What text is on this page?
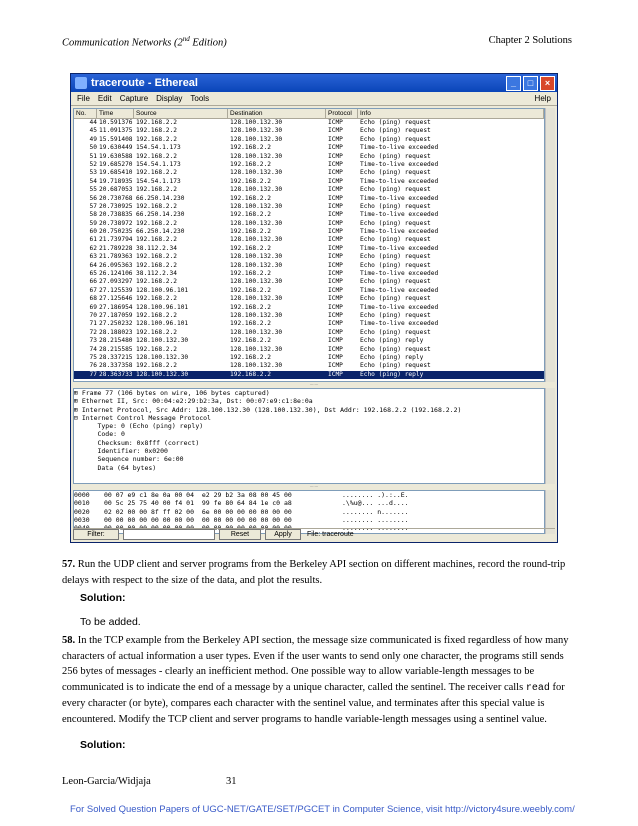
Communication Networks (2nd Edition)	Chapter 2 Solutions
traceroute - Ethereal	_	□	×
File Edit Capture Display Tools	Help
No.	Time	Source	Destination	Protocol	Info
44 10.591376 192.168.2.2	128.100.132.30	ICMP	Echo (ping) request
45 11.091375 192.168.2.2	128.100.132.30	ICMP	Echo (ping) request
49 15.591408 192.168.2.2	128.100.132.30	ICMP	Echo (ping) request
50 19.630449 154.54.1.173	192.168.2.2	ICMP	Time-to-live exceeded
51 19.630588 192.168.2.2	128.100.132.30	ICMP	Echo (ping) request
52 19.685270 154.54.1.173	192.168.2.2	ICMP	Time-to-live exceeded
53 19.685410 192.168.2.2	128.100.132.30	ICMP	Echo (ping) request
54 19.718935 154.54.1.173	192.168.2.2	ICMP	Time-to-live exceeded
55 20.687053 192.168.2.2	128.100.132.30	ICMP	Echo (ping) request
56 20.730768 66.250.14.230	192.168.2.2	ICMP	Time-to-live exceeded
57 20.730925 192.168.2.2	128.100.132.30	ICMP	Echo (ping) request
58 20.738835 66.250.14.230	192.168.2.2	ICMP	Time-to-live exceeded
59 20.738972 192.168.2.2	128.100.132.30	ICMP	Echo (ping) request
60 20.750235 66.250.14.230	192.168.2.2	ICMP	Time-to-live exceeded
61 21.739794 192.168.2.2	128.100.132.30	ICMP	Echo (ping) request
62 21.789228 38.112.2.34	192.168.2.2	ICMP	Time-to-live exceeded
63 21.789363 192.168.2.2	128.100.132.30	ICMP	Echo (ping) request
64 26.095363 192.168.2.2	128.100.132.30	ICMP	Echo (ping) request
65 26.124106 38.112.2.34	192.168.2.2	ICMP	Time-to-live exceeded
66 27.093297 192.168.2.2	128.100.132.30	ICMP	Echo (ping) request
67 27.125539 128.100.96.101	192.168.2.2	ICMP	Time-to-live exceeded
68 27.125646 192.168.2.2	128.100.132.30	ICMP	Echo (ping) request
69 27.186954 128.100.96.101	192.168.2.2	ICMP	Time-to-live exceeded
70 27.187059 192.168.2.2	128.100.132.30	ICMP	Echo (ping) request
71 27.250232 128.100.96.101	192.168.2.2	ICMP	Time-to-live exceeded
72 28.188023 192.168.2.2	128.100.132.30	ICMP	Echo (ping) request
73 28.215480 128.100.132.30	192.168.2.2	ICMP	Echo (ping) reply
74 28.215585 192.168.2.2	128.100.132.30	ICMP	Echo (ping) request
75 28.337215 128.100.132.30	192.168.2.2	ICMP	Echo (ping) reply
76 28.337358 192.168.2.2	128.100.132.30	ICMP	Echo (ping) request
77 28.363733 128.100.132.30	192.168.2.2	ICMP	Echo (ping) reply
.......
⊞ Frame 77 (106 bytes on wire, 106 bytes captured)
⊞ Ethernet II, Src: 00:04:e2:29:b2:3a, Dst: 00:07:e9:c1:8e:0a
⊞ Internet Protocol, Src Addr: 128.100.132.30 (128.100.132.30), Dst Addr: 192.168.2.2 (192.168.2.2)
⊟ Internet Control Message Protocol
Type: 0 (Echo (ping) reply)
Code: 0
Checksum: 0x8fff (correct)
Identifier: 0x0200
Sequence number: 6e:00
Data (64 bytes)
.......
0000	00 07 e9 c1 8e 0a 00 04  e2 29 b2 3a 08 00 45 00	........ .).:..E.
0010	00 5c 25 75 40 00 f4 01  99 fe 80 64 84 1e c0 a8	.\%u@... ...d....
0020	02 02 00 00 8f ff 02 00  6e 00 00 00 00 00 00 00	........ n.......
0030	00 00 00 00 00 00 00 00  00 00 00 00 00 00 00 00	........ ........
00         00	........ ........
Filter:	Reset	Apply	File: traceroute
57. Run the UDP client and server programs from the Berkeley API section on different machines, record the round-trip delays with respect to the size of the data, and plot the results.
Solution:
To be added.
58. In the TCP example from the Berkeley API section, the message size communicated is fixed regardless of how many characters of actual information a user types. Even if the user wants to send only one character, the programs still sends 256 bytes of messages - clearly an inefficient method. One possible way to allow variable-length messages to be communicated is to indicate the end of a message by a unique character, called the sentinel. The receiver calls read for every character (or byte), compares each character with the sentinel value, and terminates after this special value is encountered. Modify the TCP client and server programs to handle variable-length messages using a sentinel value.
Solution:
Leon-Garcia/Widjaja	31
For Solved Question Papers of UGC-NET/GATE/SET/PGCET in Computer Science, visit http://victory4sure.weebly.com/
